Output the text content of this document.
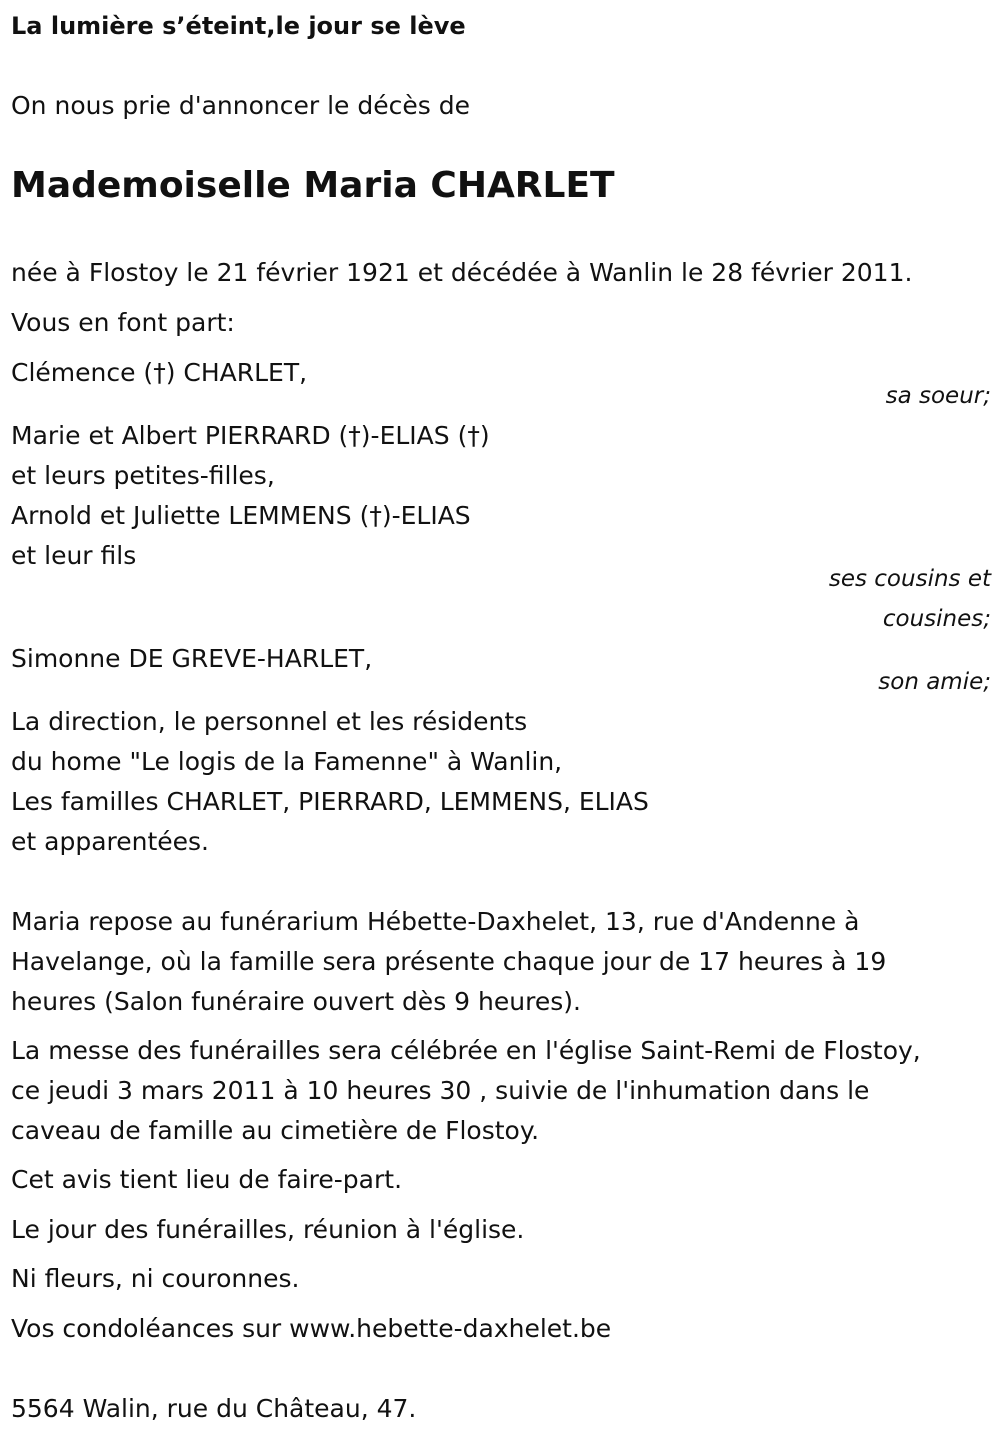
La lumière s’éteint,le jour se lève
On nous prie d'annoncer le décès de
Mademoiselle Maria CHARLET
née à Flostoy le 21 février 1921 et décédée à Wanlin le 28 février 2011.
Vous en font part:
Clémence (†) CHARLET,
sa soeur;
Marie et Albert PIERRARD (†)-ELIAS (†)
et leurs petites-filles,
Arnold et Juliette LEMMENS (†)-ELIAS
et leur fils
ses cousins et
cousines;
Simonne DE GREVE-HARLET,
son amie;
La direction, le personnel et les résidents
du home "Le logis de la Famenne" à Wanlin,
Les familles CHARLET, PIERRARD, LEMMENS, ELIAS
et apparentées.
Maria repose au funérarium Hébette-Daxhelet, 13, rue d'Andenne à
Havelange, où la famille sera présente chaque jour de 17 heures à 19
heures (Salon funéraire ouvert dès 9 heures).
La messe des funérailles sera célébrée en l'église Saint-Remi de Flostoy,
ce jeudi 3 mars 2011 à 10 heures 30 , suivie de l'inhumation dans le
caveau de famille au cimetière de Flostoy.
Cet avis tient lieu de faire-part.
Le jour des funérailles, réunion à l'église.
Ni fleurs, ni couronnes.
Vos condoléances sur www.hebette-daxhelet.be
5564 Walin, rue du Château, 47.
